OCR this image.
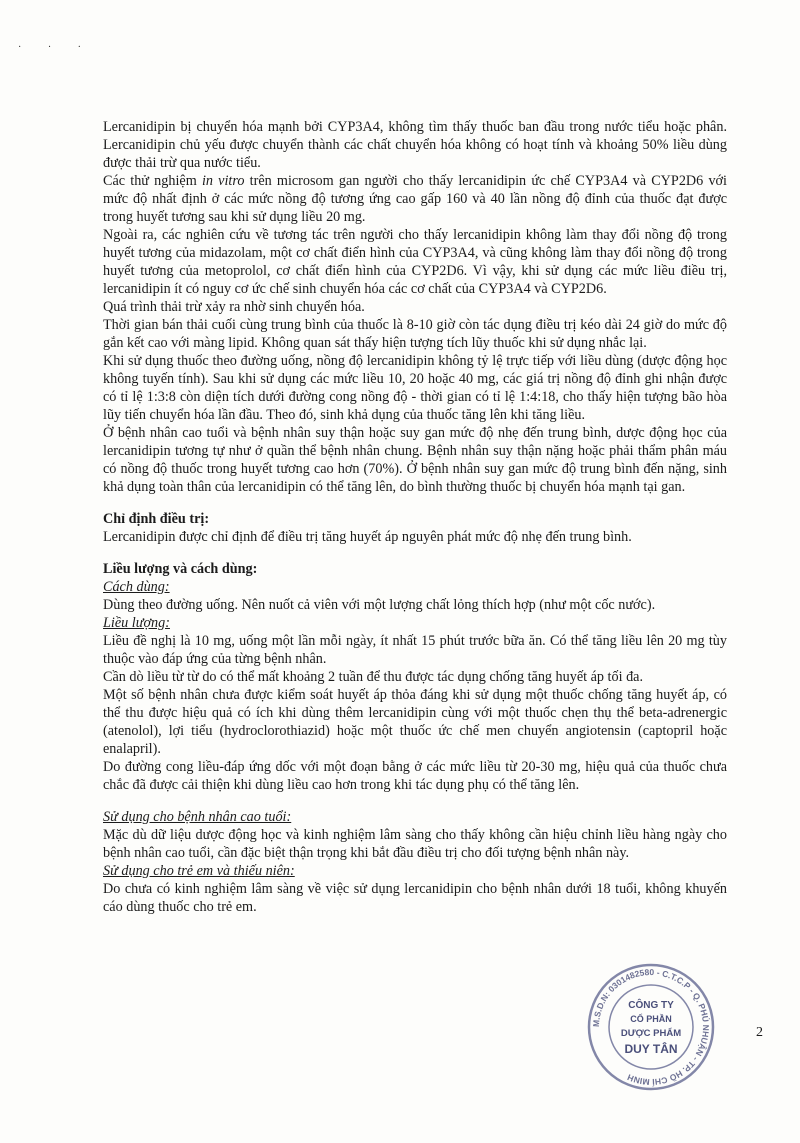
· · ·

Lercanidipin bị chuyển hóa mạnh bởi CYP3A4, không tìm thấy thuốc ban đầu trong nước tiểu hoặc phân. Lercanidipin chủ yếu được chuyển thành các chất chuyển hóa không có hoạt tính và khoảng 50% liều dùng được thải trừ qua nước tiểu.

Các thử nghiệm in vitro trên microsom gan người cho thấy lercanidipin ức chế CYP3A4 và CYP2D6 với mức độ nhất định ở các mức nồng độ tương ứng cao gấp 160 và 40 lần nồng độ đỉnh của thuốc đạt được trong huyết tương sau khi sử dụng liều 20 mg.

Ngoài ra, các nghiên cứu về tương tác trên người cho thấy lercanidipin không làm thay đổi nồng độ trong huyết tương của midazolam, một cơ chất điển hình của CYP3A4, và cũng không làm thay đổi nồng độ trong huyết tương của metoprolol, cơ chất điển hình của CYP2D6. Vì vậy, khi sử dụng các mức liều điều trị, lercanidipin ít có nguy cơ ức chế sinh chuyển hóa các cơ chất của CYP3A4 và CYP2D6.

Quá trình thải trừ xảy ra nhờ sinh chuyển hóa.

Thời gian bán thải cuối cùng trung bình của thuốc là 8-10 giờ còn tác dụng điều trị kéo dài 24 giờ do mức độ gắn kết cao với màng lipid. Không quan sát thấy hiện tượng tích lũy thuốc khi sử dụng nhắc lại.

Khi sử dụng thuốc theo đường uống, nồng độ lercanidipin không tỷ lệ trực tiếp với liều dùng (dược động học không tuyến tính). Sau khi sử dụng các mức liều 10, 20 hoặc 40 mg, các giá trị nồng độ đỉnh ghi nhận được có tỉ lệ 1:3:8 còn diện tích dưới đường cong nồng độ - thời gian có tỉ lệ 1:4:18, cho thấy hiện tượng bão hòa lũy tiến chuyển hóa lần đầu. Theo đó, sinh khả dụng của thuốc tăng lên khi tăng liều.

Ở bệnh nhân cao tuổi và bệnh nhân suy thận hoặc suy gan mức độ nhẹ đến trung bình, dược động học của lercanidipin tương tự như ở quần thể bệnh nhân chung. Bệnh nhân suy thận nặng hoặc phải thẩm phân máu có nồng độ thuốc trong huyết tương cao hơn (70%). Ở bệnh nhân suy gan mức độ trung bình đến nặng, sinh khả dụng toàn thân của lercanidipin có thể tăng lên, do bình thường thuốc bị chuyển hóa mạnh tại gan.

Chỉ định điều trị:

Lercanidipin được chỉ định để điều trị tăng huyết áp nguyên phát mức độ nhẹ đến trung bình.

Liều lượng và cách dùng:

Cách dùng:

Dùng theo đường uống. Nên nuốt cả viên với một lượng chất lỏng thích hợp (như một cốc nước).

Liều lượng:

Liều đề nghị là 10 mg, uống một lần mỗi ngày, ít nhất 15 phút trước bữa ăn. Có thể tăng liều lên 20 mg tùy thuộc vào đáp ứng của từng bệnh nhân.

Cần dò liều từ từ do có thể mất khoảng 2 tuần để thu được tác dụng chống tăng huyết áp tối đa.

Một số bệnh nhân chưa được kiểm soát huyết áp thỏa đáng khi sử dụng một thuốc chống tăng huyết áp, có thể thu được hiệu quả có ích khi dùng thêm lercanidipin cùng với một thuốc chẹn thụ thể beta-adrenergic (atenolol), lợi tiểu (hydroclorothiazid) hoặc một thuốc ức chế men chuyển angiotensin (captopril hoặc enalapril).

Do đường cong liều-đáp ứng dốc với một đoạn bằng ở các mức liều từ 20-30 mg, hiệu quả của thuốc chưa chắc đã được cải thiện khi dùng liều cao hơn trong khi tác dụng phụ có thể tăng lên.

Sử dụng cho bệnh nhân cao tuổi:

Mặc dù dữ liệu dược động học và kinh nghiệm lâm sàng cho thấy không cần hiệu chỉnh liều hàng ngày cho bệnh nhân cao tuổi, cần đặc biệt thận trọng khi bắt đầu điều trị cho đối tượng bệnh nhân này.

Sử dụng cho trẻ em và thiếu niên:

Do chưa có kinh nghiệm lâm sàng về việc sử dụng lercanidipin cho bệnh nhân dưới 18 tuổi, không khuyến cáo dùng thuốc cho trẻ em.

M.S.D.N: 0301482580 - C.T.C.P - Q. PHÚ NHUẬN - TP. HỒ CHÍ MINH
CÔNG TY
CỔ PHẦN
DƯỢC PHẨM
DUY TÂN
2
